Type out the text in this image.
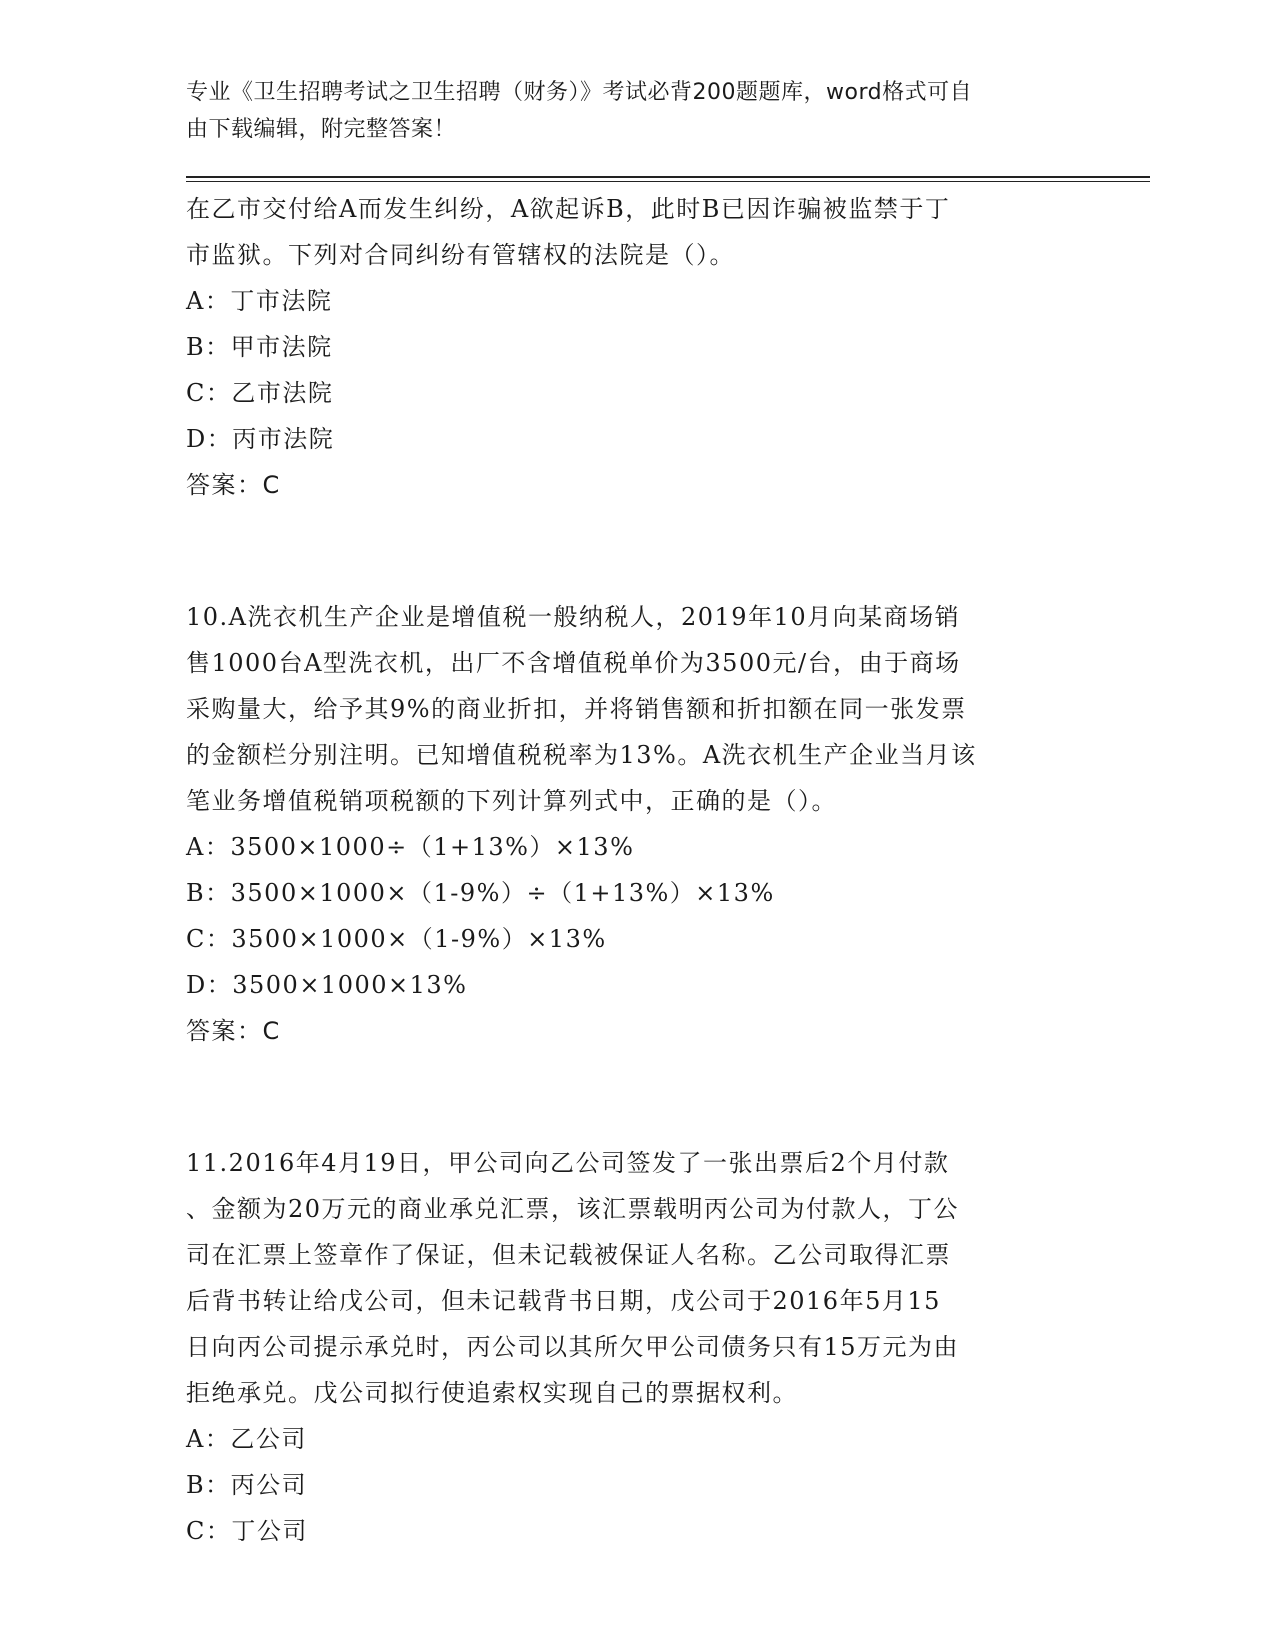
专业《卫生招聘考试之卫生招聘（财务）》考试必背200题题库，word格式可自
由下载编辑，附完整答案！

在乙市交付给A而发生纠纷，A欲起诉B，此时B已因诈骗被监禁于丁

市监狱。下列对合同纠纷有管辖权的法院是（）。

A：丁市法院

B：甲市法院

C：乙市法院

D：丙市法院

答案：C

10.A洗衣机生产企业是增值税一般纳税人，2019年10月向某商场销

售1000台A型洗衣机，出厂不含增值税单价为3500元/台，由于商场

采购量大，给予其9%的商业折扣，并将销售额和折扣额在同一张发票

的金额栏分别注明。已知增值税税率为13%。A洗衣机生产企业当月该

笔业务增值税销项税额的下列计算列式中，正确的是（）。

A：3500×1000÷（1+13%）×13%

B：3500×1000×（1-9%）÷（1+13%）×13%

C：3500×1000×（1-9%）×13%

D：3500×1000×13%

答案：C

11.2016年4月19日，甲公司向乙公司签发了一张出票后2个月付款

、金额为20万元的商业承兑汇票，该汇票载明丙公司为付款人，丁公

司在汇票上签章作了保证，但未记载被保证人名称。乙公司取得汇票

后背书转让给戊公司，但未记载背书日期，戊公司于2016年5月15

日向丙公司提示承兑时，丙公司以其所欠甲公司债务只有15万元为由

拒绝承兑。戊公司拟行使追索权实现自己的票据权利。

A：乙公司

B：丙公司

C：丁公司
